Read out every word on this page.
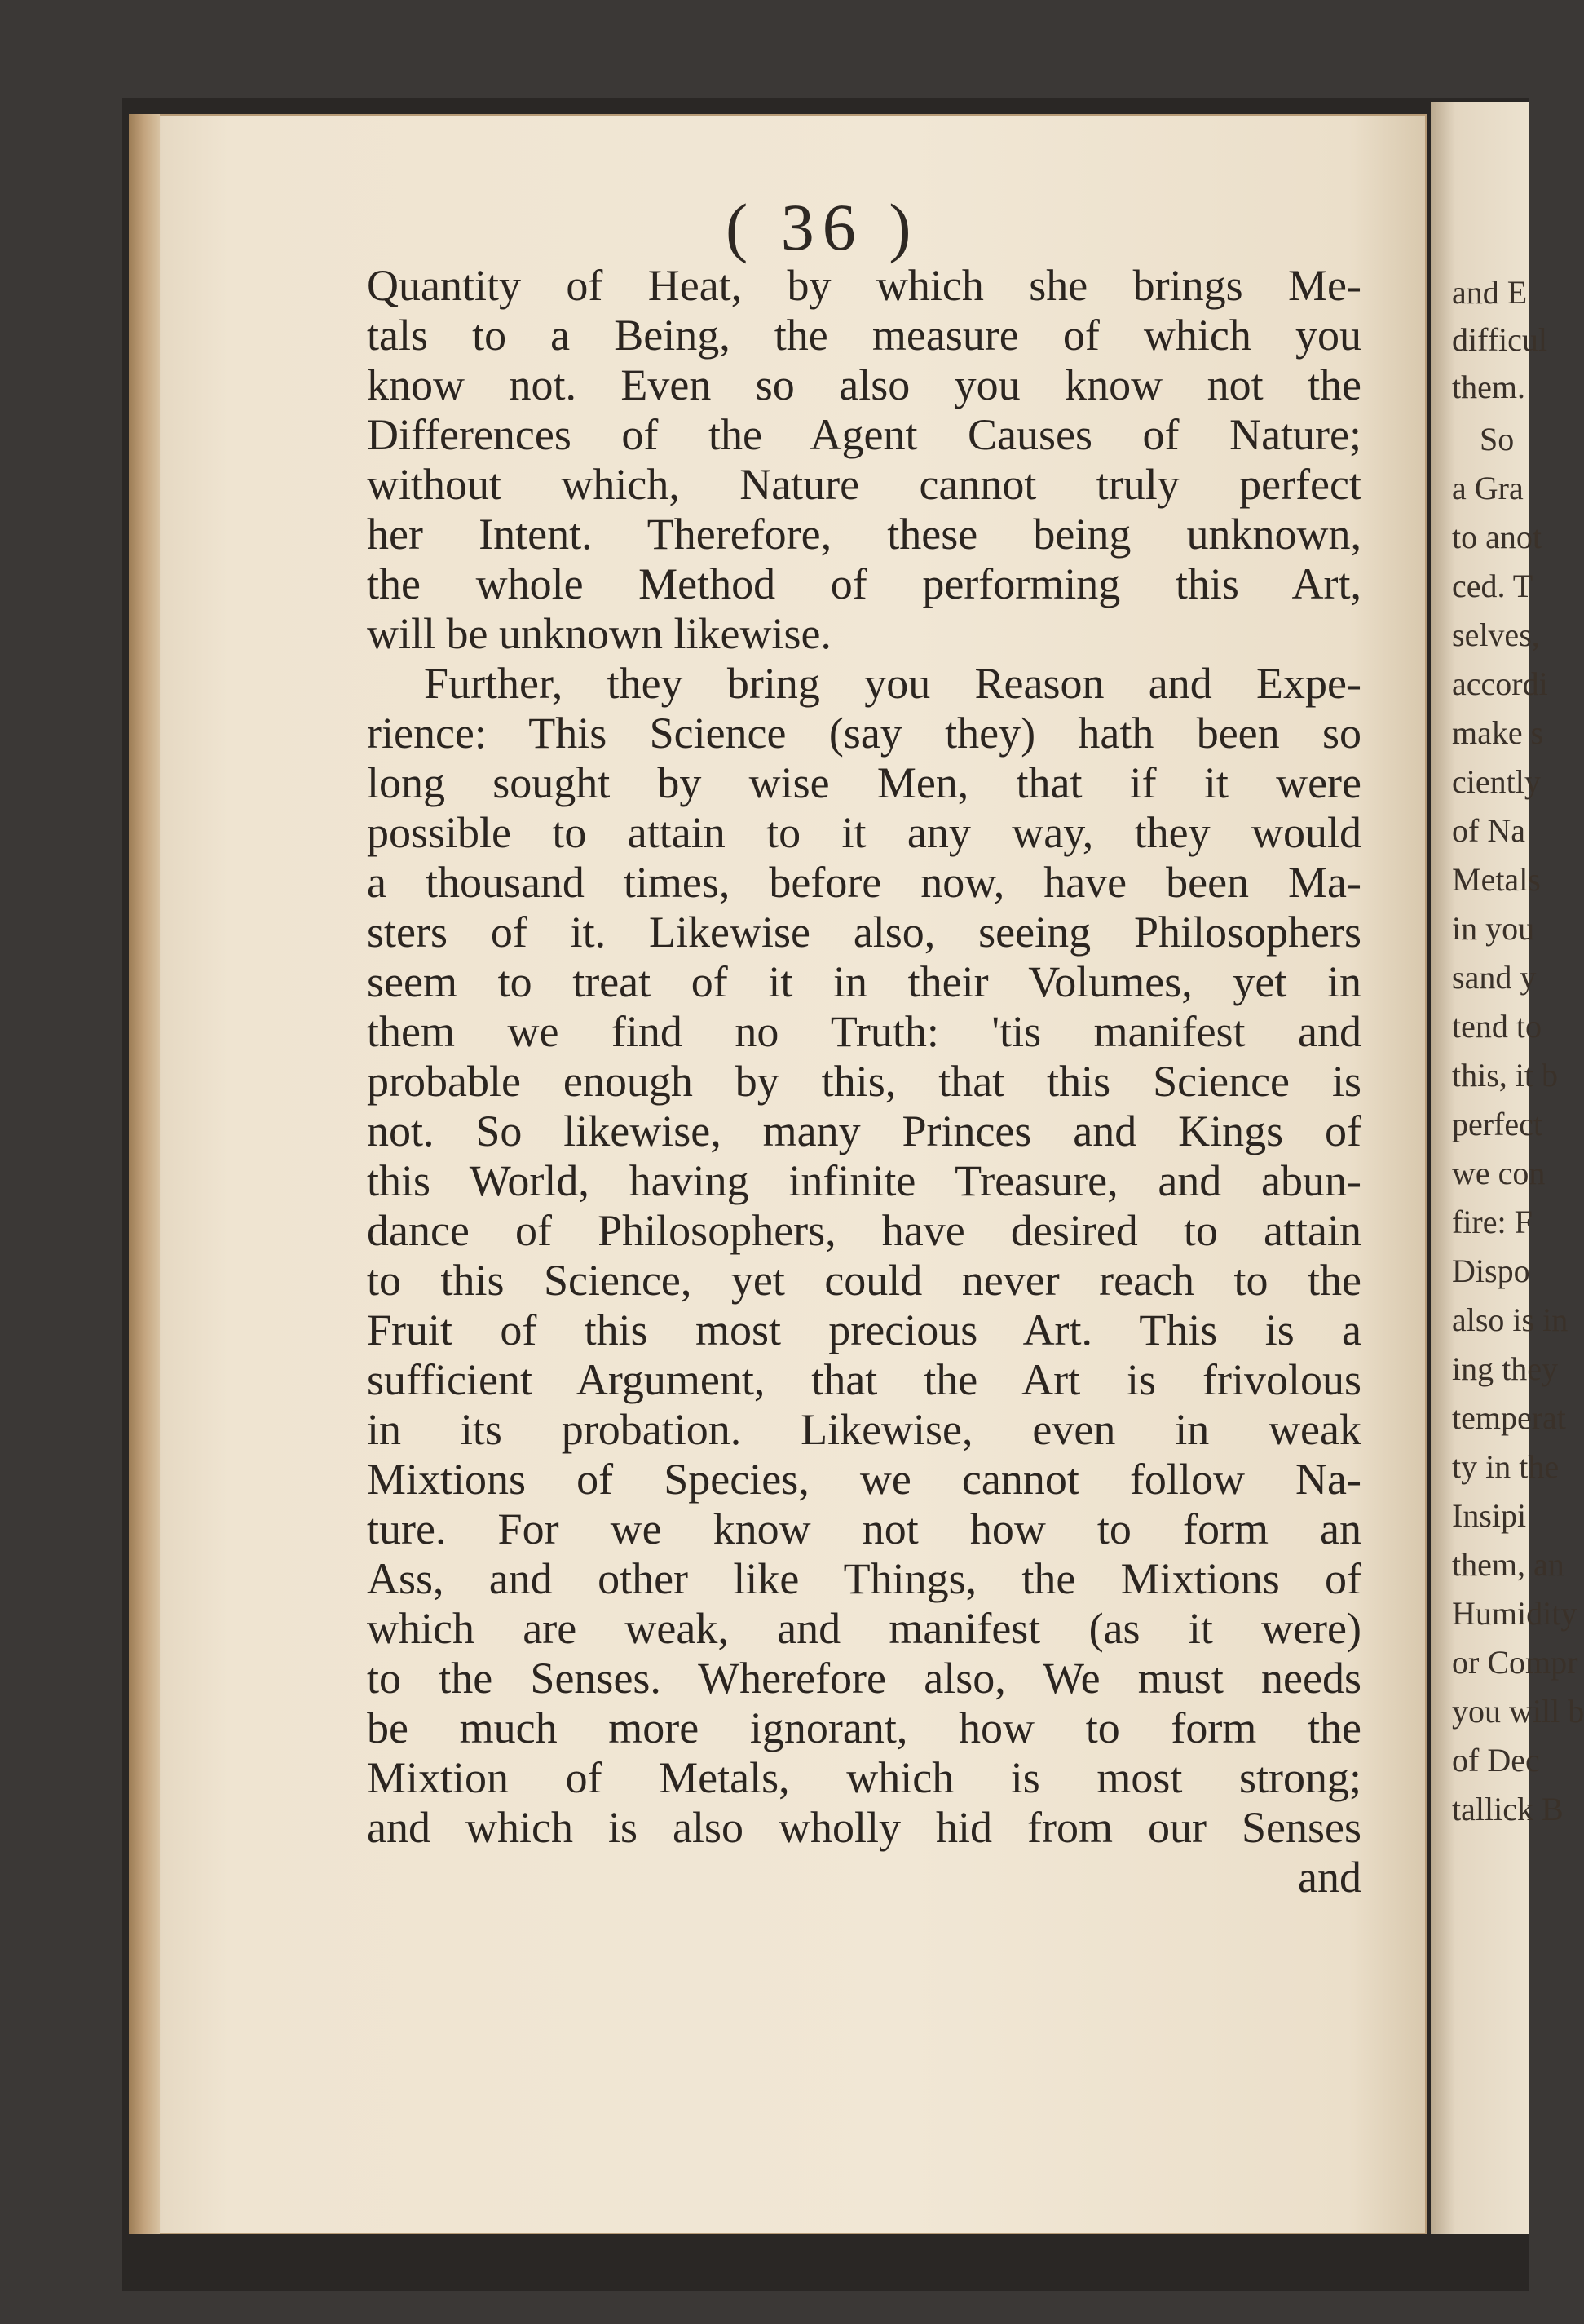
and E
difficul
them.
So
a Gra
to anot
ced. T
selves,
accordi
make s
ciently
of Na
Metals
in you
sand y
tend to
this, it b
perfect
we con
fire: F
Dispo
also is in
ing they
temperat
ty in the
Insipi
them, an
Humidity
or Compr
you will b
of Dec
tallick B
( 36 )
Quantity of Heat, by which she brings Me-
tals to a Being, the measure of which you
know not. Even so also you know not the
Differences of the Agent Causes of Nature;
without which, Nature cannot truly perfect
her Intent. Therefore, these being unknown,
the whole Method of performing this Art,
will be unknown likewise.
Further, they bring you Reason and Expe-
rience: This Science (say they) hath been so
long sought by wise Men, that if it were
possible to attain to it any way, they would
a thousand times, before now, have been Ma-
sters of it. Likewise also, seeing Philosophers
seem to treat of it in their Volumes, yet in
them we find no Truth: 'tis manifest and
probable enough by this, that this Science is
not. So likewise, many Princes and Kings of
this World, having infinite Treasure, and abun-
dance of Philosophers, have desired to attain
to this Science, yet could never reach to the
Fruit of this most precious Art. This is a
sufficient Argument, that the Art is frivolous
in its probation. Likewise, even in weak
Mixtions of Species, we cannot follow Na-
ture. For we know not how to form an
Ass, and other like Things, the Mixtions of
which are weak, and manifest (as it were)
to the Senses. Wherefore also, We must needs
be much more ignorant, how to form the
Mixtion of Metals, which is most strong;
and which is also wholly hid from our Senses
and
